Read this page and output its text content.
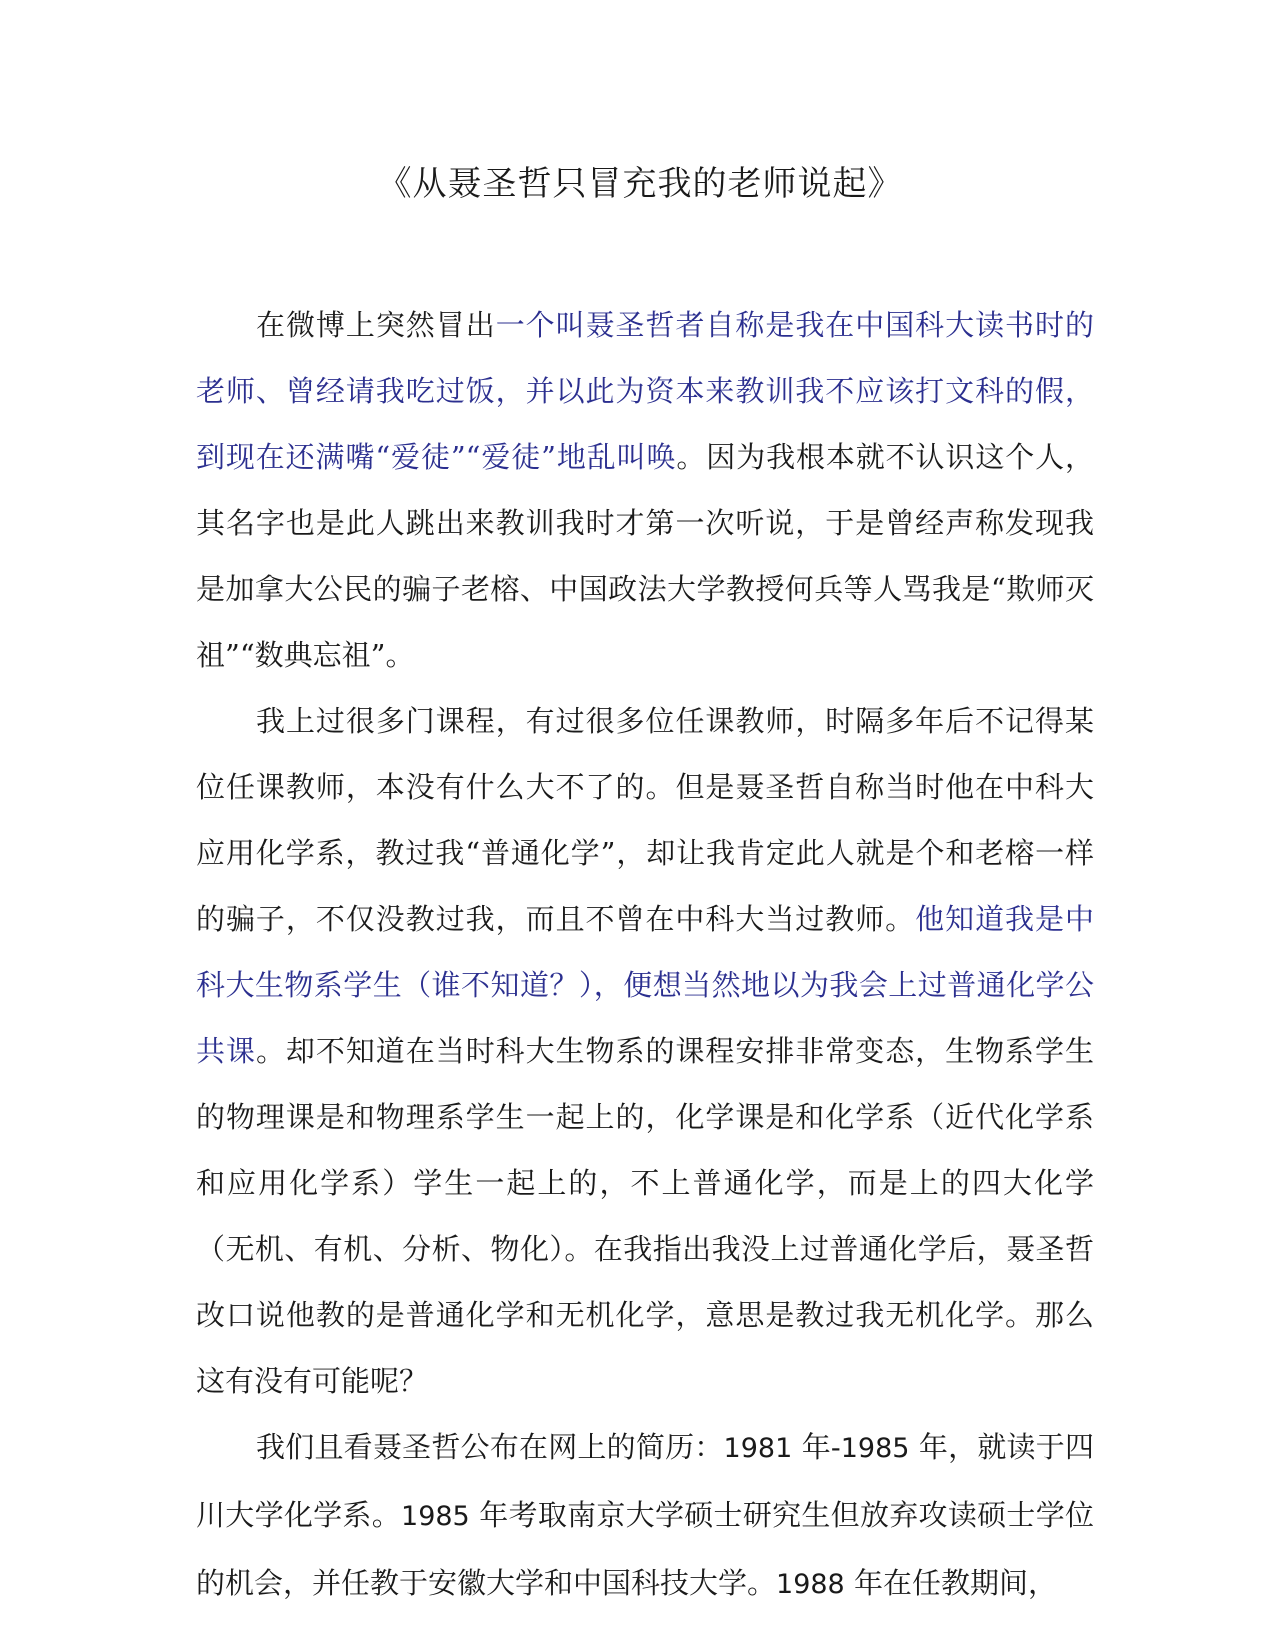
《从聂圣哲只冒充我的老师说起》

在微博上突然冒出一个叫聂圣哲者自称是我在中国科大读书时的老师、曾经请我吃过饭，并以此为资本来教训我不应该打文科的假，到现在还满嘴“爱徒”“爱徒”地乱叫唤。因为我根本就不认识这个人，其名字也是此人跳出来教训我时才第一次听说，于是曾经声称发现我是加拿大公民的骗子老榕、中国政法大学教授何兵等人骂我是“欺师灭祖”“数典忘祖”。

我上过很多门课程，有过很多位任课教师，时隔多年后不记得某位任课教师，本没有什么大不了的。但是聂圣哲自称当时他在中科大应用化学系，教过我“普通化学”，却让我肯定此人就是个和老榕一样的骗子，不仅没教过我，而且不曾在中科大当过教师。他知道我是中科大生物系学生（谁不知道？），便想当然地以为我会上过普通化学公共课。却不知道在当时科大生物系的课程安排非常变态，生物系学生的物理课是和物理系学生一起上的，化学课是和化学系（近代化学系和应用化学系）学生一起上的，不上普通化学，而是上的四大化学（无机、有机、分析、物化）。在我指出我没上过普通化学后，聂圣哲改口说他教的是普通化学和无机化学，意思是教过我无机化学。那么这有没有可能呢？

我们且看聂圣哲公布在网上的简历：1981 年-1985 年，就读于四川大学化学系。1985 年考取南京大学硕士研究生但放弃攻读硕士学位的机会，并任教于安徽大学和中国科技大学。1988 年在任教期间，
